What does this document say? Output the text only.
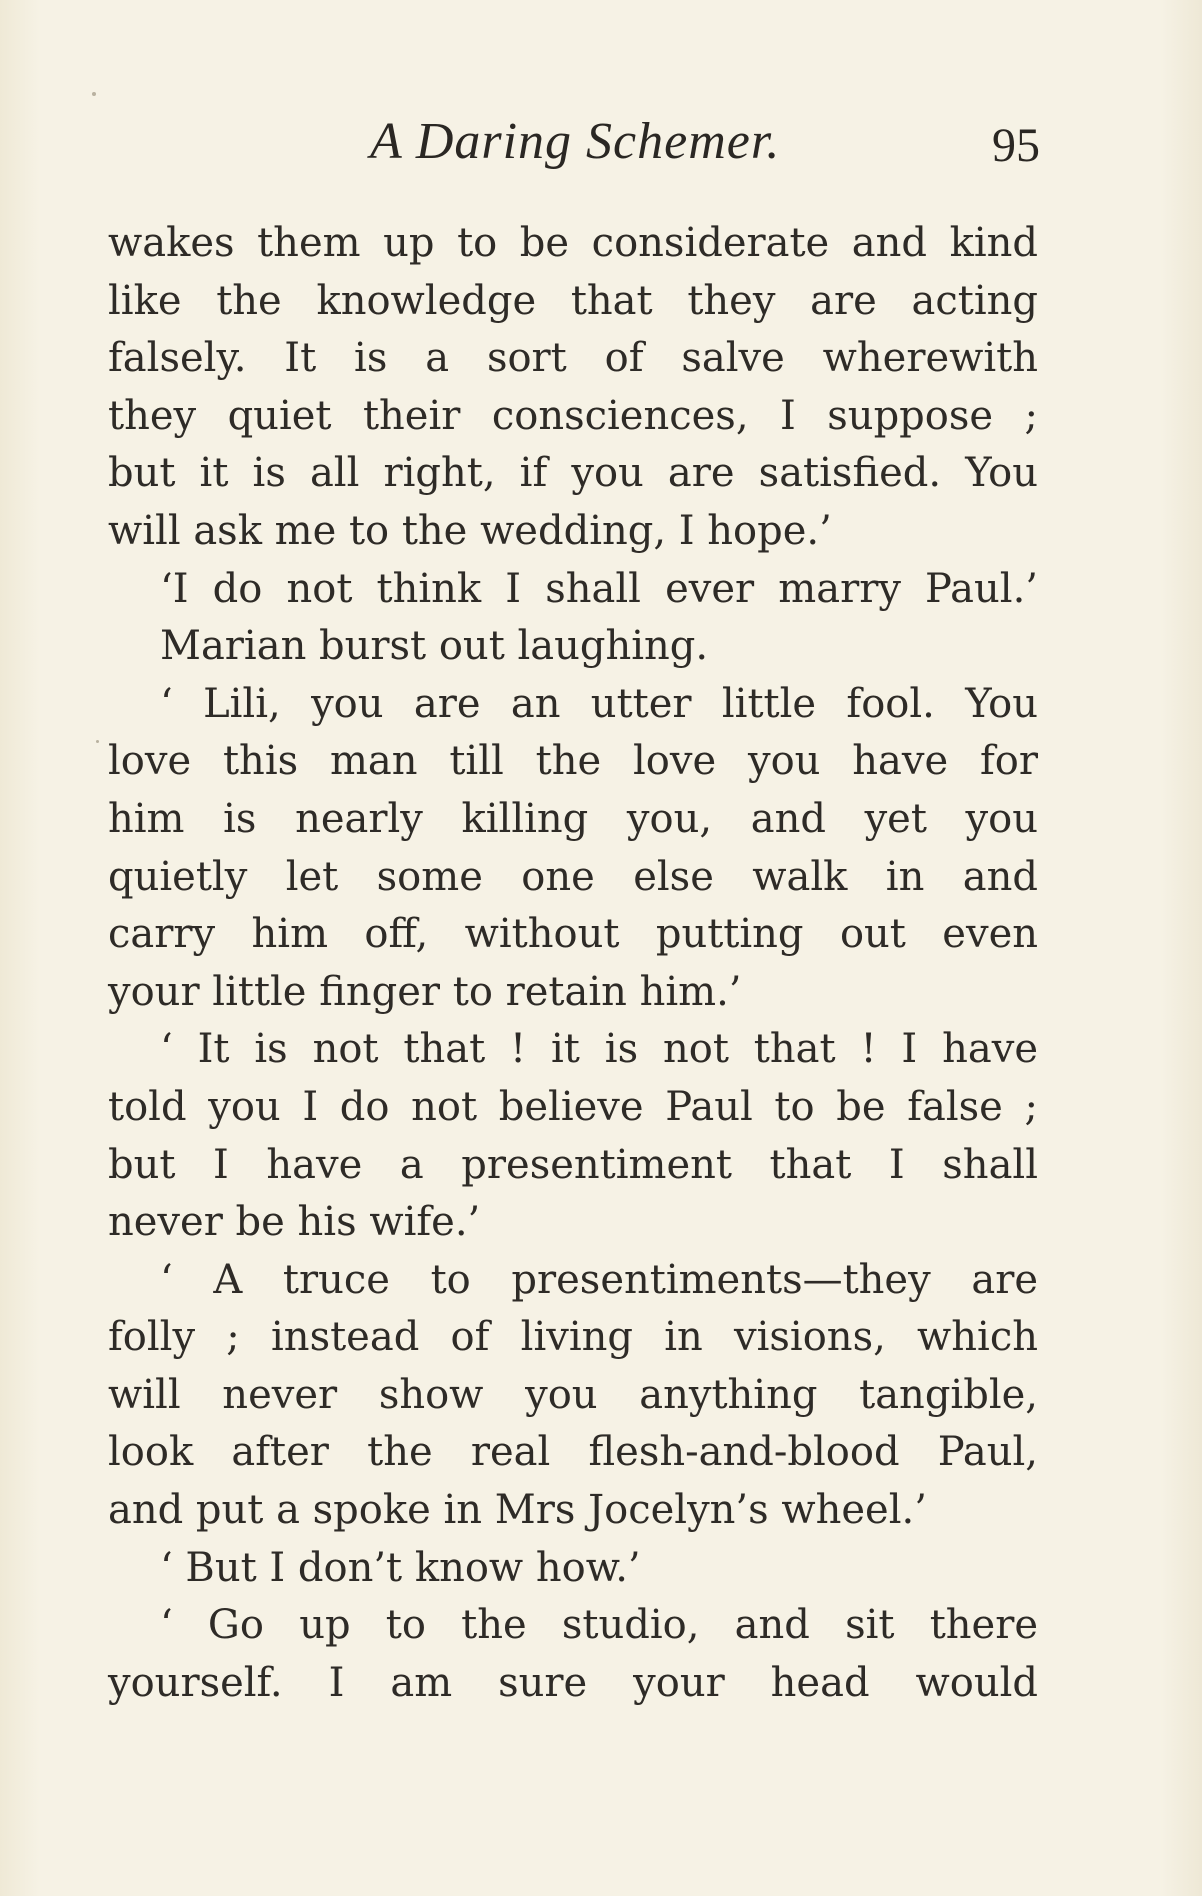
A Daring Schemer.	95
wakes them up to be considerate and kind
like the knowledge that they are acting
falsely. It is a sort of salve wherewith
they quiet their consciences, I suppose ;
but it is all right, if you are satisfied. You
will ask me to the wedding, I hope.’
‘I do not think I shall ever marry Paul.’
Marian burst out laughing.
‘ Lili, you are an utter little fool. You
love this man till the love you have for
him is nearly killing you, and yet you
quietly let some one else walk in and
carry him off, without putting out even
your little finger to retain him.’
‘ It is not that ! it is not that ! I have
told you I do not believe Paul to be false ;
but I have a presentiment that I shall
never be his wife.’
‘ A truce to presentiments—they are
folly ; instead of living in visions, which
will never show you anything tangible,
look after the real flesh-and-blood Paul,
and put a spoke in Mrs Jocelyn’s wheel.’
‘ But I don’t know how.’
‘ Go up to the studio, and sit there
yourself. I am sure your head would
